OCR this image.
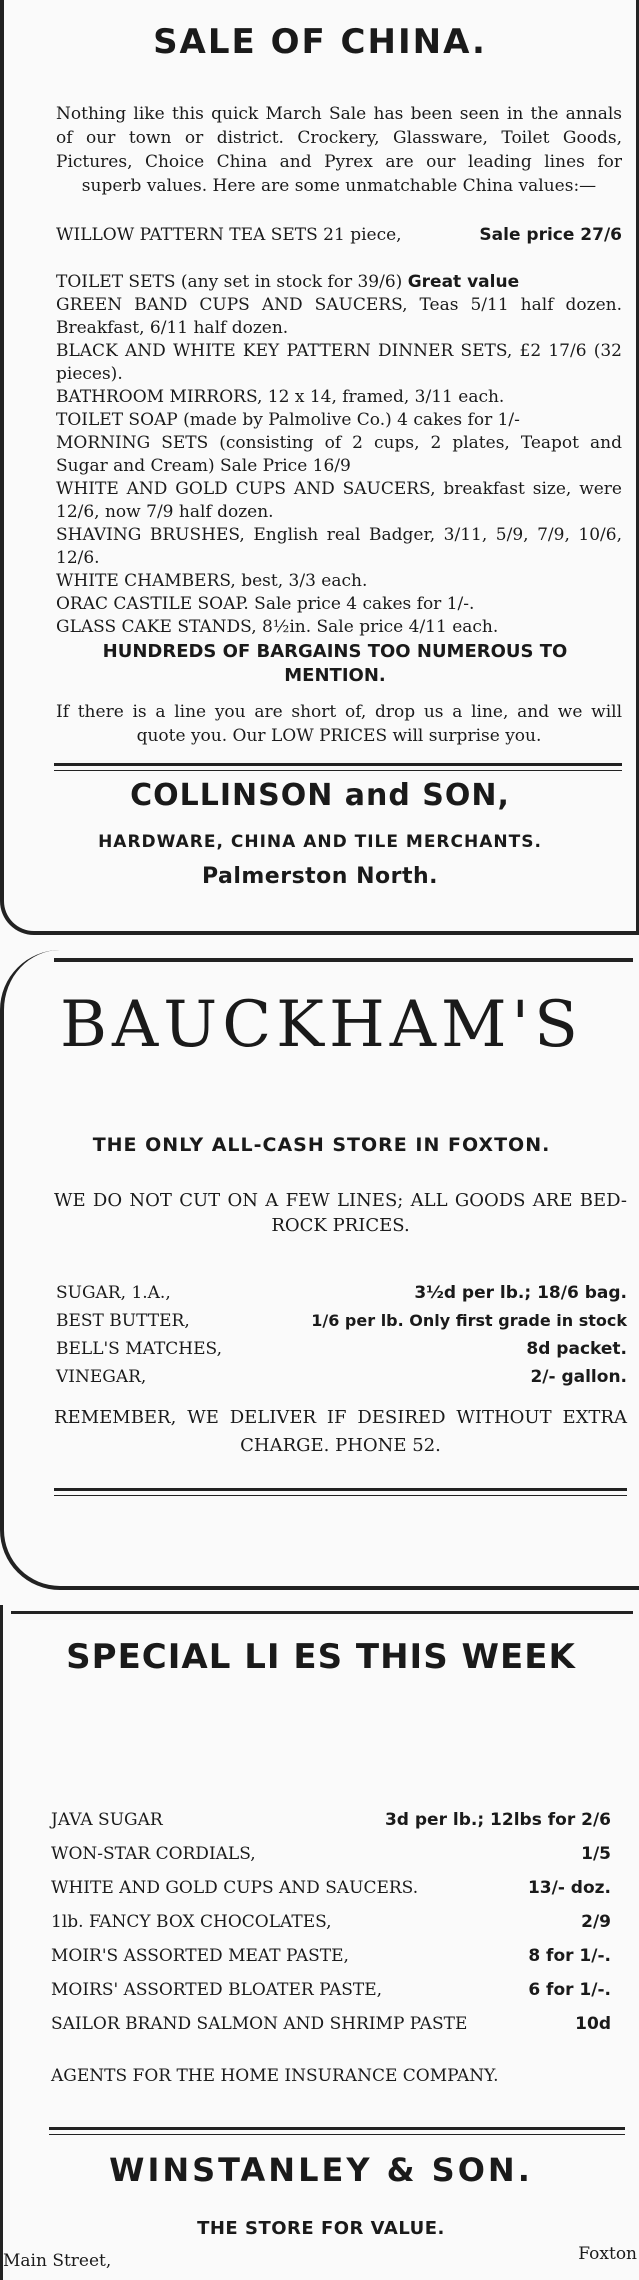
SALE OF CHINA.
Nothing like this quick March Sale has been seen in the annals of our town or district. Crockery, Glassware, Toilet Goods, Pictures, Choice China and Pyrex are our leading lines for superb values. Here are some unmatchable China values:—
WILLOW PATTERN TEA SETS 21 piece,	Sale price 27/6
TOILET SETS (any set in stock for 39/6) Great value
GREEN BAND CUPS AND SAUCERS, Teas 5/11 half dozen. Breakfast, 6/11 half dozen.
BLACK AND WHITE KEY PATTERN DINNER SETS, £2 17/6 (32 pieces).
BATHROOM MIRRORS, 12 x 14, framed, 3/11 each.
TOILET SOAP (made by Palmolive Co.) 4 cakes for 1/-
MORNING SETS (consisting of 2 cups, 2 plates, Teapot and Sugar and Cream) Sale Price 16/9
WHITE AND GOLD CUPS AND SAUCERS, breakfast size, were 12/6, now 7/9 half dozen.
SHAVING BRUSHES, English real Badger, 3/11, 5/9, 7/9, 10/6, 12/6.
WHITE CHAMBERS, best, 3/3 each.
ORAC CASTILE SOAP. Sale price 4 cakes for 1/-.
GLASS CAKE STANDS, 8½in. Sale price 4/11 each.
HUNDREDS OF BARGAINS TOO NUMEROUS TO MENTION.
If there is a line you are short of, drop us a line, and we will quote you. Our LOW PRICES will surprise you.
COLLINSON and SON,
HARDWARE, CHINA AND TILE MERCHANTS.
Palmerston North.
BAUCKHAM'S
THE ONLY ALL-CASH STORE IN FOXTON.
WE DO NOT CUT ON A FEW LINES; ALL GOODS ARE BED-ROCK PRICES.
SUGAR, 1.A.,	3½d per lb.; 18/6 bag.
BEST BUTTER,	1/6 per lb. Only first grade in stock
BELL'S MATCHES,	8d packet.
VINEGAR,	2/- gallon.
REMEMBER, WE DELIVER IF DESIRED WITHOUT EXTRA CHARGE. PHONE 52.
SPECIAL LI ES THIS WEEK
JAVA SUGAR	3d per lb.; 12lbs for 2/6
WON-STAR CORDIALS,	1/5
WHITE AND GOLD CUPS AND SAUCERS.	13/- doz.
1lb. FANCY BOX CHOCOLATES,	2/9
MOIR'S ASSORTED MEAT PASTE,	8 for 1/-.
MOIRS' ASSORTED BLOATER PASTE,	6 for 1/-.
SAILOR BRAND SALMON AND SHRIMP PASTE	10d
AGENTS FOR THE HOME INSURANCE COMPANY.
WINSTANLEY & SON.
THE STORE FOR VALUE.
Main Street,	Foxton
